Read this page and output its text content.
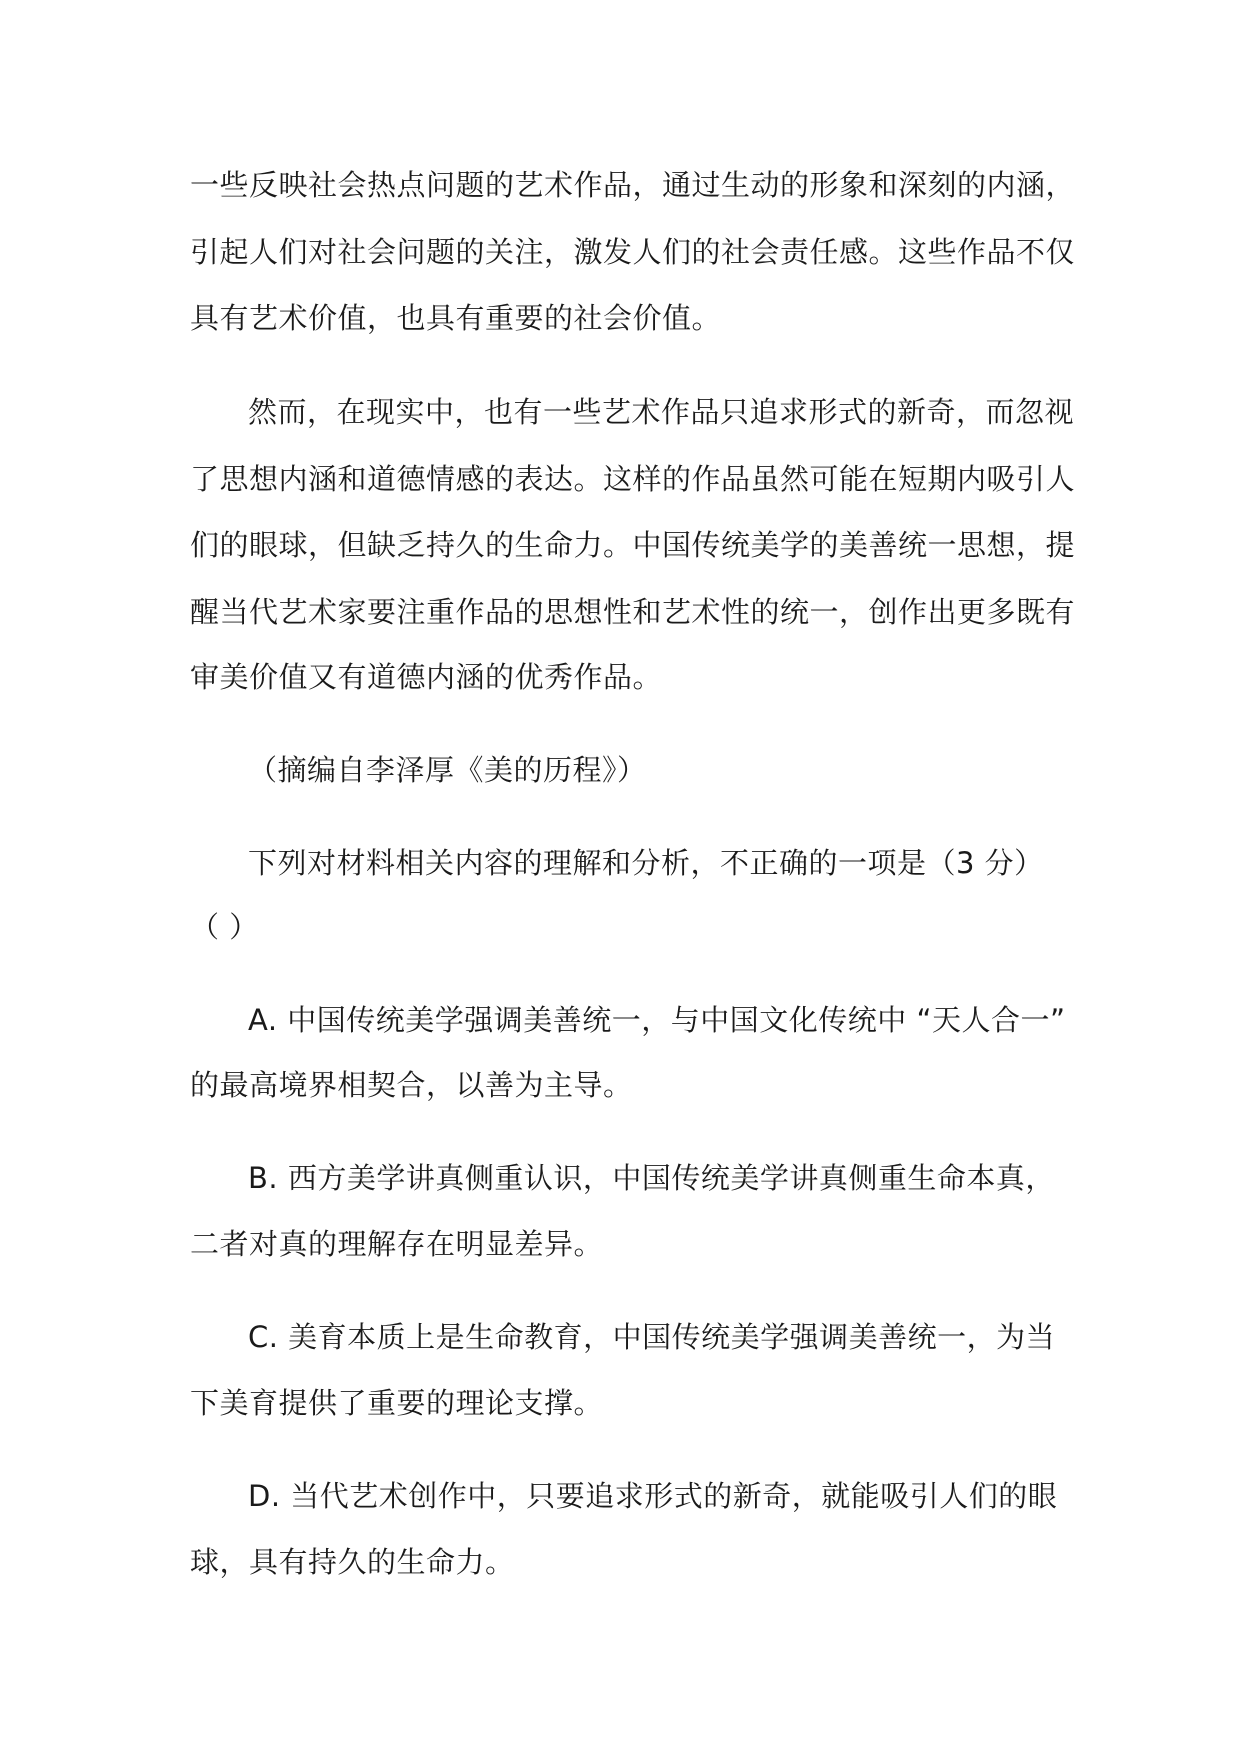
一些反映社会热点问题的艺术作品，通过生动的形象和深刻的内涵，
引起人们对社会问题的关注，激发人们的社会责任感。这些作品不仅
具有艺术价值，也具有重要的社会价值。
然而，在现实中，也有一些艺术作品只追求形式的新奇，而忽视
了思想内涵和道德情感的表达。这样的作品虽然可能在短期内吸引人
们的眼球，但缺乏持久的生命力。中国传统美学的美善统一思想，提
醒当代艺术家要注重作品的思想性和艺术性的统一，创作出更多既有
审美价值又有道德内涵的优秀作品。
（摘编自李泽厚《美的历程》）
下列对材料相关内容的理解和分析，不正确的一项是（3 分）
（ ）
A. 中国传统美学强调美善统一，与中国文化传统中 “天人合一”
的最高境界相契合，以善为主导。
B. 西方美学讲真侧重认识，中国传统美学讲真侧重生命本真，
二者对真的理解存在明显差异。
C. 美育本质上是生命教育，中国传统美学强调美善统一，为当
下美育提供了重要的理论支撑。
D. 当代艺术创作中，只要追求形式的新奇，就能吸引人们的眼
球，具有持久的生命力。
